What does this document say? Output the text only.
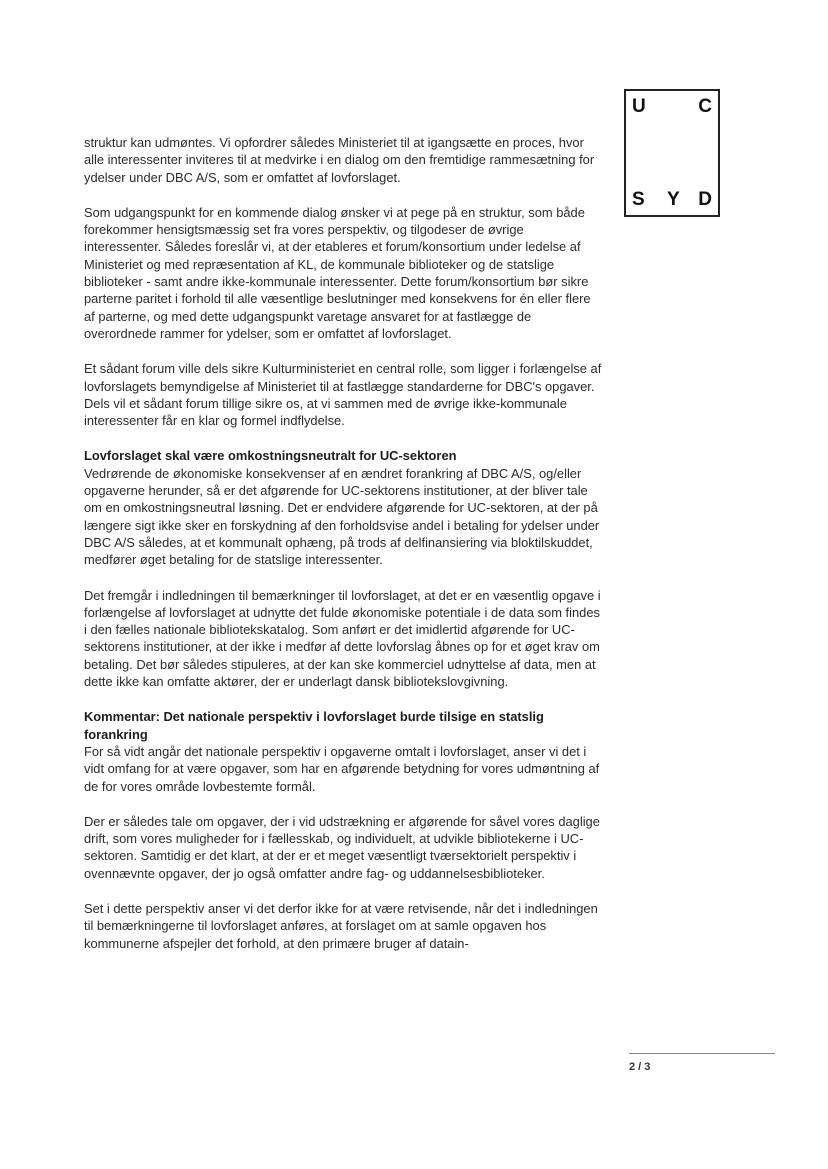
U	C
S Y D

struktur kan udmøntes. Vi opfordrer således Ministeriet til at igangsætte en proces, hvor alle interessenter inviteres til at medvirke i en dialog om den fremtidige rammesætning for ydelser under DBC A/S, som er omfattet af lovforslaget.

Som udgangspunkt for en kommende dialog ønsker vi at pege på en struktur, som både forekommer hensigtsmæssig set fra vores perspektiv, og tilgodeser de øvrige interessenter. Således foreslår vi, at der etableres et forum/konsortium under ledelse af Ministeriet og med repræsentation af KL, de kommunale biblioteker og de statslige biblioteker - samt andre ikke-kommunale interessenter. Dette forum/konsortium bør sikre parterne paritet i forhold til alle væsentlige beslutninger med konsekvens for én eller flere af parterne, og med dette udgangspunkt varetage ansvaret for at fastlægge de overordnede rammer for ydelser, som er omfattet af lovforslaget.

Et sådant forum ville dels sikre Kulturministeriet en central rolle, som ligger i forlængelse af lovforslagets bemyndigelse af Ministeriet til at fastlægge standarderne for DBC's opgaver. Dels vil et sådant forum tillige sikre os, at vi sammen med de øvrige ikke-kommunale interessenter får en klar og formel indflydelse.

Lovforslaget skal være omkostningsneutralt for UC-sektoren

Vedrørende de økonomiske konsekvenser af en ændret forankring af DBC A/S, og/eller opgaverne herunder, så er det afgørende for UC-sektorens institutioner, at der bliver tale om en omkostningsneutral løsning. Det er endvidere afgørende for UC-sektoren, at der på længere sigt ikke sker en forskydning af den forholdsvise andel i betaling for ydelser under DBC A/S således, at et kommunalt ophæng, på trods af delfinansiering via bloktilskuddet, medfører øget betaling for de statslige interessenter.

Det fremgår i indledningen til bemærkninger til lovforslaget, at det er en væsentlig opgave i forlængelse af lovforslaget at udnytte det fulde økonomiske potentiale i de data som findes i den fælles nationale bibliotekskatalog. Som anført er det imidlertid afgørende for UC-sektorens institutioner, at der ikke i medfør af dette lovforslag åbnes op for et øget krav om betaling. Det bør således stipuleres, at der kan ske kommerciel udnyttelse af data, men at dette ikke kan omfatte aktører, der er underlagt dansk bibliotekslovgivning.

Kommentar: Det nationale perspektiv i lovforslaget burde tilsige en statslig forankring

For så vidt angår det nationale perspektiv i opgaverne omtalt i lovforslaget, anser vi det i vidt omfang for at være opgaver, som har en afgørende betydning for vores udmøntning af de for vores område lovbestemte formål.

Der er således tale om opgaver, der i vid udstrækning er afgørende for såvel vores daglige drift, som vores muligheder for i fællesskab, og individuelt, at udvikle bibliotekerne i UC-sektoren. Samtidig er det klart, at der er et meget væsentligt tværsektorielt perspektiv i ovennævnte opgaver, der jo også omfatter andre fag- og uddannelsesbiblioteker.

Set i dette perspektiv anser vi det derfor ikke for at være retvisende, når det i indledningen til bemærkningerne til lovforslaget anføres, at forslaget om at samle opgaven hos kommunerne afspejler det forhold, at den primære bruger af datain-

2 / 3
